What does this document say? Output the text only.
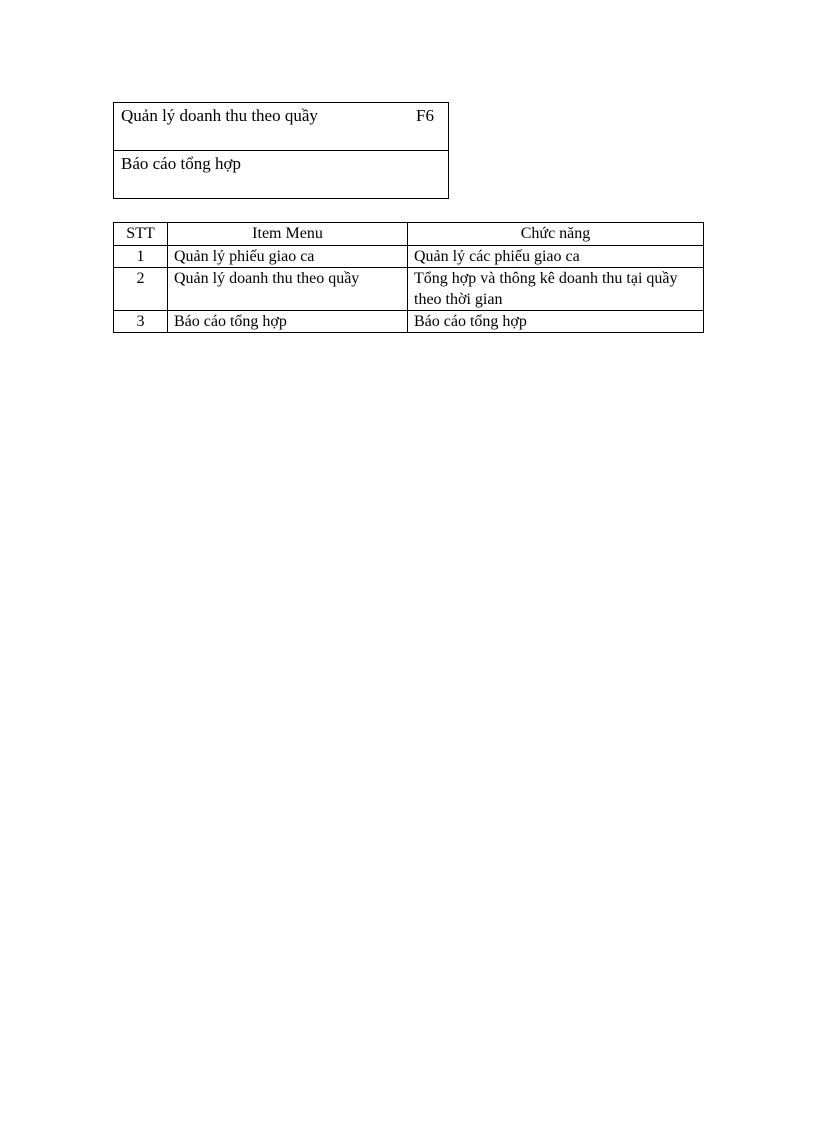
Quản lý doanh thu theo quầy	F6
Báo cáo tổng hợp
STT	Item Menu	Chức năng
1	Quản lý phiếu giao ca	Quản lý các phiếu giao ca
2	Quản lý doanh thu theo quầy	Tổng hợp và thông kê doanh thu tại quầy theo thời gian
3	Báo cáo tổng hợp	Báo cáo tổng hợp
